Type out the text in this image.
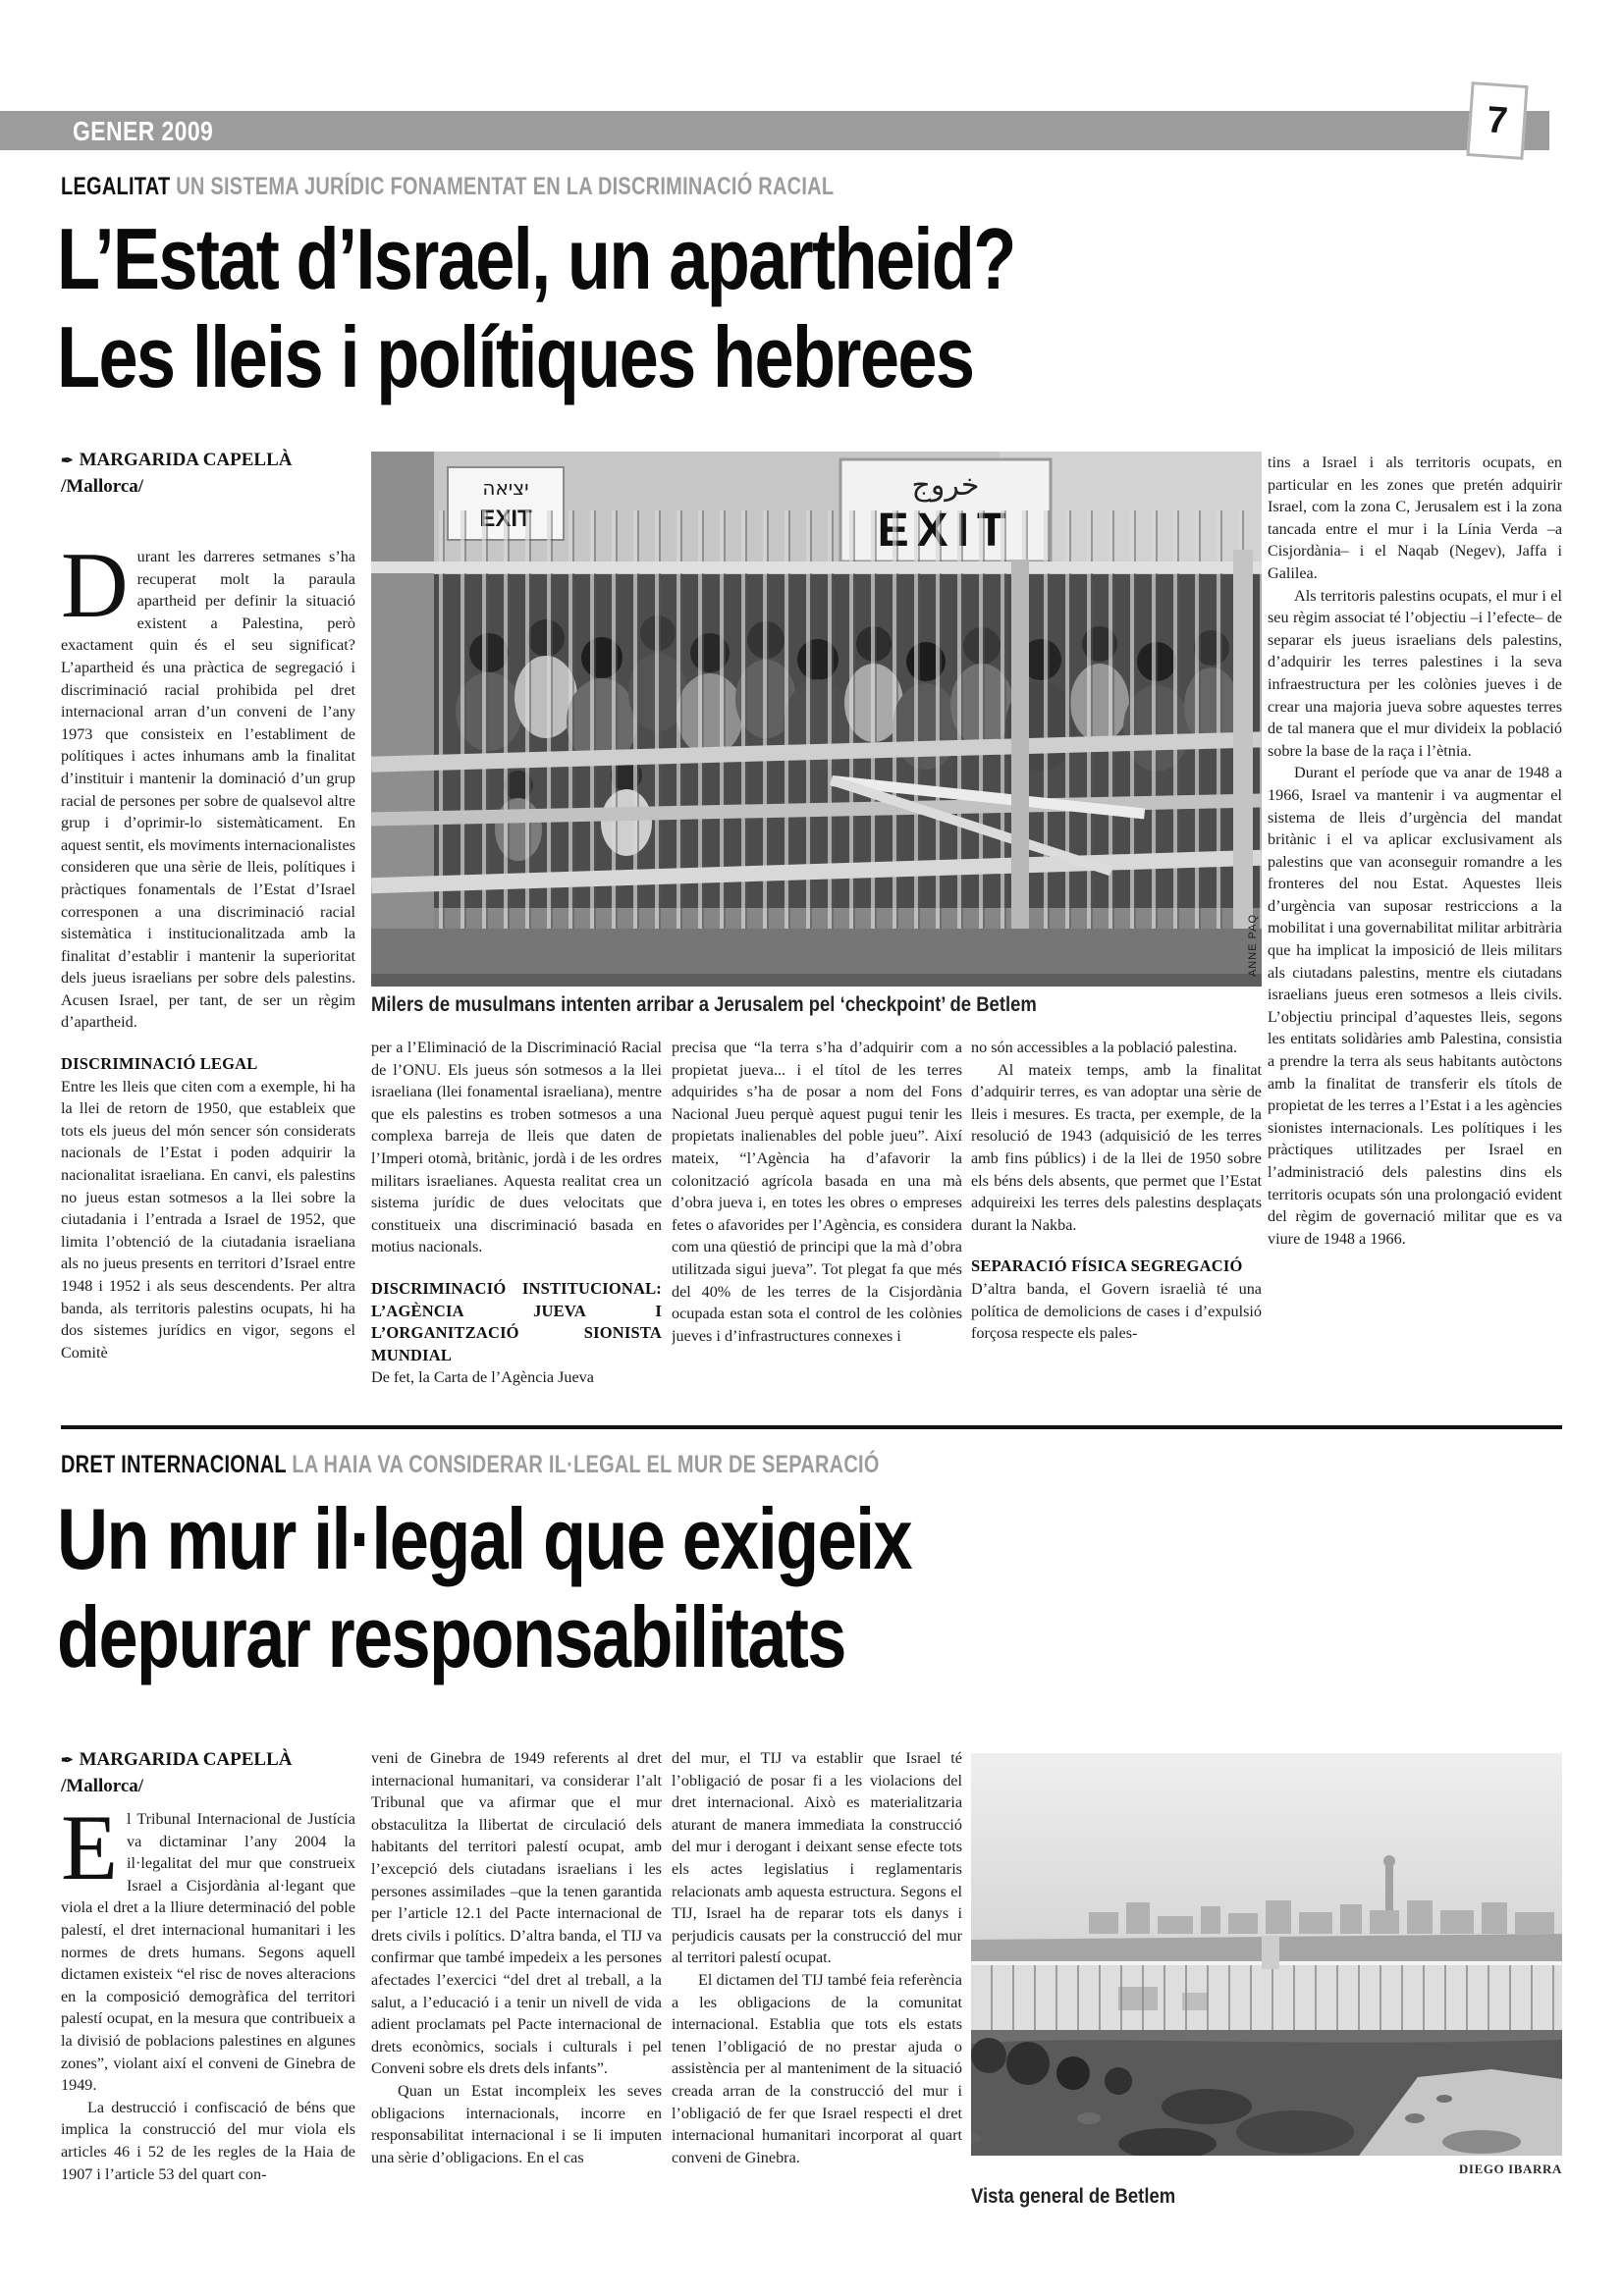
GENER 2009	7
LEGALITAT UN SISTEMA JURÍDIC FONAMENTAT EN LA DISCRIMINACIÓ RACIAL
L’Estat d’Israel, un apartheid?
Les lleis i polítiques hebrees
✒ MARGARIDA CAPELLÀ
/Mallorca/

Durant les darreres setmanes s’ha recuperat molt la paraula apartheid per definir la situació existent a Palestina, però exactament quin és el seu significat? L’apartheid és una pràctica de segregació i discriminació racial prohibida pel dret internacional arran d’un conveni de l’any 1973 que consisteix en l’establiment de polítiques i actes inhumans amb la finalitat d’instituir i mantenir la dominació d’un grup racial de persones per sobre de qualsevol altre grup i d’oprimir-lo sistemàticament. En aquest sentit, els moviments internacionalistes consideren que una sèrie de lleis, polítiques i pràctiques fonamentals de l’Estat d’Israel corresponen a una discriminació racial sistemàtica i institucionalitzada amb la finalitat d’establir i mantenir la superioritat dels jueus israelians per sobre dels palestins. Acusen Israel, per tant, de ser un règim d’apartheid.

DISCRIMINACIÓ LEGAL

Entre les lleis que citen com a exemple, hi ha la llei de retorn de 1950, que estableix que tots els jueus del món sencer són considerats nacionals de l’Estat i poden adquirir la nacionalitat israeliana. En canvi, els palestins no jueus estan sotmesos a la llei sobre la ciutadania i l’entrada a Israel de 1952, que limita l’obtenció de la ciutadania israeliana als no jueus presents en territori d’Israel entre 1948 i 1952 i als seus descendents. Per altra banda, als territoris palestins ocupats, hi ha dos sistemes jurídics en vigor, segons el Comitè

יציאה	خروج
ANNE PAQ
Milers de musulmans intenten arribar a Jerusalem pel ‘checkpoint’ de Betlem

per a l’Eliminació de la Discriminació Racial de l’ONU. Els jueus són sotmesos a la llei israeliana (llei fonamental israeliana), mentre que els palestins es troben sotmesos a una complexa barreja de lleis que daten de l’Imperi otomà, britànic, jordà i de les ordres militars israelianes. Aquesta realitat crea un sistema jurídic de dues velocitats que constitueix una discriminació basada en motius nacionals.

DISCRIMINACIÓ INSTITUCIONAL: L’AGÈNCIA JUEVA I L’ORGANITZACIÓ SIONISTA MUNDIAL

De fet, la Carta de l’Agència Jueva

precisa que “la terra s’ha d’adquirir com a propietat jueva... i el títol de les terres adquirides s’ha de posar a nom del Fons Nacional Jueu perquè aquest pugui tenir les propietats inalienables del poble jueu”. Així mateix, “l’Agència ha d’afavorir la colonització agrícola basada en una mà d’obra jueva i, en totes les obres o empreses fetes o afavorides per l’Agència, es considera com una qüestió de principi que la mà d’obra utilitzada sigui jueva”. Tot plegat fa que més del 40% de les terres de la Cisjordània ocupada estan sota el control de les colònies jueves i d’infrastructures connexes i

no són accessibles a la població palestina.

Al mateix temps, amb la finalitat d’adquirir terres, es van adoptar una sèrie de lleis i mesures. Es tracta, per exemple, de la resolució de 1943 (adquisició de les terres amb fins públics) i de la llei de 1950 sobre els béns dels absents, que permet que l’Estat adquireixi les terres dels palestins desplaçats durant la Nakba.

SEPARACIÓ FÍSICA SEGREGACIÓ

D’altra banda, el Govern israelià té una política de demolicions de cases i d’expulsió forçosa respecte els pales-

tins a Israel i als territoris ocupats, en particular en les zones que pretén adquirir Israel, com la zona C, Jerusalem est i la zona tancada entre el mur i la Línia Verda –a Cisjordània– i el Naqab (Negev), Jaffa i Galilea.

Als territoris palestins ocupats, el mur i el seu règim associat té l’objectiu –i l’efecte– de separar els jueus israelians dels palestins, d’adquirir les terres palestines i la seva infraestructura per les colònies jueves i de crear una majoria jueva sobre aquestes terres de tal manera que el mur divideix la població sobre la base de la raça i l’ètnia.

Durant el període que va anar de 1948 a 1966, Israel va mantenir i va augmentar el sistema de lleis d’urgència del mandat britànic i el va aplicar exclusivament als palestins que van aconseguir romandre a les fronteres del nou Estat. Aquestes lleis d’urgència van suposar restriccions a la mobilitat i una governabilitat militar arbitrària que ha implicat la imposició de lleis militars als ciutadans palestins, mentre els ciutadans israelians jueus eren sotmesos a lleis civils. L’objectiu principal d’aquestes lleis, segons les entitats solidàries amb Palestina, consistia a prendre la terra als seus habitants autòctons amb la finalitat de transferir els títols de propietat de les terres a l’Estat i a les agències sionistes internacionals. Les polítiques i les pràctiques utilitzades per Israel en l’administració dels palestins dins els territoris ocupats són una prolongació evident del règim de governació militar que es va viure de 1948 a 1966.

DRET INTERNACIONAL LA HAIA VA CONSIDERAR IL·LEGAL EL MUR DE SEPARACIÓ
Un mur il·legal que exigeix
depurar responsabilitats
✒ MARGARIDA CAPELLÀ
/Mallorca/

El Tribunal Internacional de Justícia va dictaminar l’any 2004 la il·legalitat del mur que construeix Israel a Cisjordània al·legant que viola el dret a la lliure determinació del poble palestí, el dret internacional humanitari i les normes de drets humans. Segons aquell dictamen existeix “el risc de noves alteracions en la composició demogràfica del territori palestí ocupat, en la mesura que contribueix a la divisió de poblacions palestines en algunes zones”, violant així el conveni de Ginebra de 1949.

La destrucció i confiscació de béns que implica la construcció del mur viola els articles 46 i 52 de les regles de la Haia de 1907 i l’article 53 del quart con-

veni de Ginebra de 1949 referents al dret internacional humanitari, va considerar l’alt Tribunal que va afirmar que el mur obstaculitza la llibertat de circulació dels habitants del territori palestí ocupat, amb l’excepció dels ciutadans israelians i les persones assimilades –que la tenen garantida per l’article 12.1 del Pacte internacional de drets civils i polítics. D’altra banda, el TIJ va confirmar que també impedeix a les persones afectades l’exercici “del dret al treball, a la salut, a l’educació i a tenir un nivell de vida adient proclamats pel Pacte internacional de drets econòmics, socials i culturals i pel Conveni sobre els drets dels infants”.

Quan un Estat incompleix les seves obligacions internacionals, incorre en responsabilitat internacional i se li imputen una sèrie d’obligacions. En el cas

del mur, el TIJ va establir que Israel té l’obligació de posar fi a les violacions del dret internacional. Això es materialitzaria aturant de manera immediata la construcció del mur i derogant i deixant sense efecte tots els actes legislatius i reglamentaris relacionats amb aquesta estructura. Segons el TIJ, Israel ha de reparar tots els danys i perjudicis causats per la construcció del mur al territori palestí ocupat.

El dictamen del TIJ també feia referència a les obligacions de la comunitat internacional. Establia que tots els estats tenen l’obligació de no prestar ajuda o assistència per al manteniment de la situació creada arran de la construcció del mur i l’obligació de fer que Israel respecti el dret internacional humanitari incorporat al quart conveni de Ginebra.

DIEGO IBARRA
Vista general de Betlem
